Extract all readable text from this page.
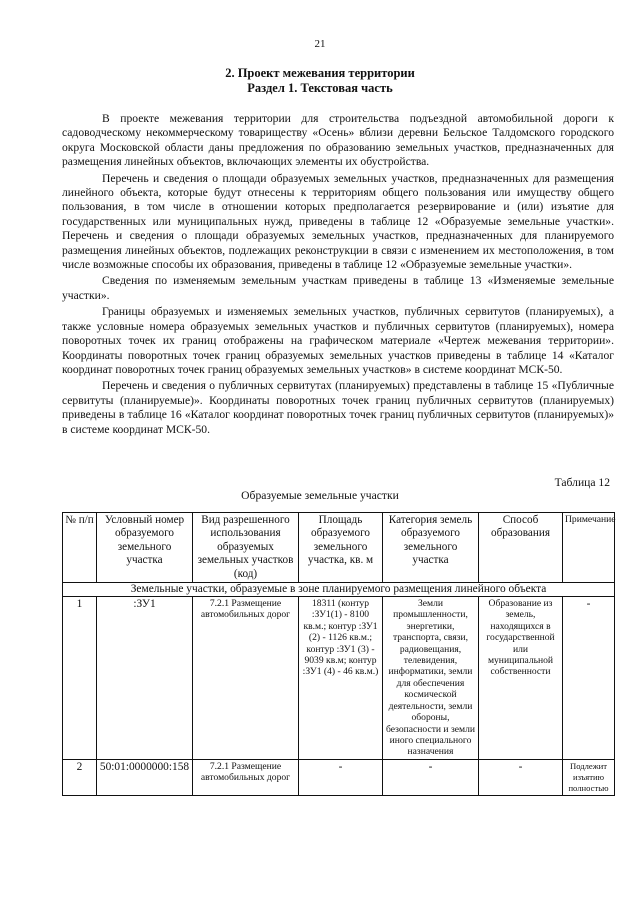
21
2. Проект межевания территории
Раздел 1. Текстовая часть

В проекте межевания территории для строительства подъездной автомобильной дороги к садоводческому некоммерческому товариществу «Осень» вблизи деревни Бельское Талдомского городского округа Московской области даны предложения по образованию земельных участков, предназначенных для размещения линейных объектов, включающих элементы их обустройства.

Перечень и сведения о площади образуемых земельных участков, предназначенных для размещения линейного объекта, которые будут отнесены к территориям общего пользования или имуществу общего пользования, в том числе в отношении которых предполагается резервирование и (или) изъятие для государственных или муниципальных нужд, приведены в таблице 12 «Образуемые земельные участки». Перечень и сведения о площади образуемых земельных участков, предназначенных для планируемого размещения линейных объектов, подлежащих реконструкции в связи с изменением их местоположения, в том числе возможные способы их образования, приведены в таблице 12 «Образуемые земельные участки».

Сведения по изменяемым земельным участкам приведены в таблице 13 «Изменяемые земельные участки».

Границы образуемых и изменяемых земельных участков, публичных сервитутов (планируемых), а также условные номера образуемых земельных участков и публичных сервитутов (планируемых), номера поворотных точек их границ отображены на графическом материале «Чертеж межевания территории». Координаты поворотных точек границ образуемых земельных участков приведены в таблице 14 «Каталог координат поворотных точек границ образуемых земельных участков» в системе координат МСК-50.

Перечень и сведения о публичных сервитутах (планируемых) представлены в таблице 15 «Публичные сервитуты (планируемые)». Координаты поворотных точек границ публичных сервитутов (планируемых) приведены в таблице 16 «Каталог координат поворотных точек границ публичных сервитутов (планируемых)» в системе координат МСК-50.

Таблица 12
Образуемые земельные участки
№ п/п	Условный номер образуемого земельного участка	Вид разрешенного использования образуемых земельных участков (код)	Площадь образуемого земельного участка, кв. м	Категория земель образуемого земельного участка	Способ образования	Примечание
Земельные участки, образуемые в зоне планируемого размещения линейного объекта						
1	:ЗУ1	7.2.1 Размещение автомобильных дорог	18311 (контур :ЗУ1(1) - 8100 кв.м.; контур :ЗУ1 (2) - 1126 кв.м.; контур :ЗУ1 (3) - 9039 кв.м; контур :ЗУ1 (4) - 46 кв.м.)	Земли промышленности, энергетики, транспорта, связи, радиовещания, телевидения, информатики, земли для обеспечения космической деятельности, земли обороны, безопасности и земли иного специального назначения	Образование из земель, находящихся в государственной или муниципальной собственности	-
2	50:01:0000000:158	7.2.1 Размещение автомобильных дорог	-	-	-	Подлежит изъятию полностью
